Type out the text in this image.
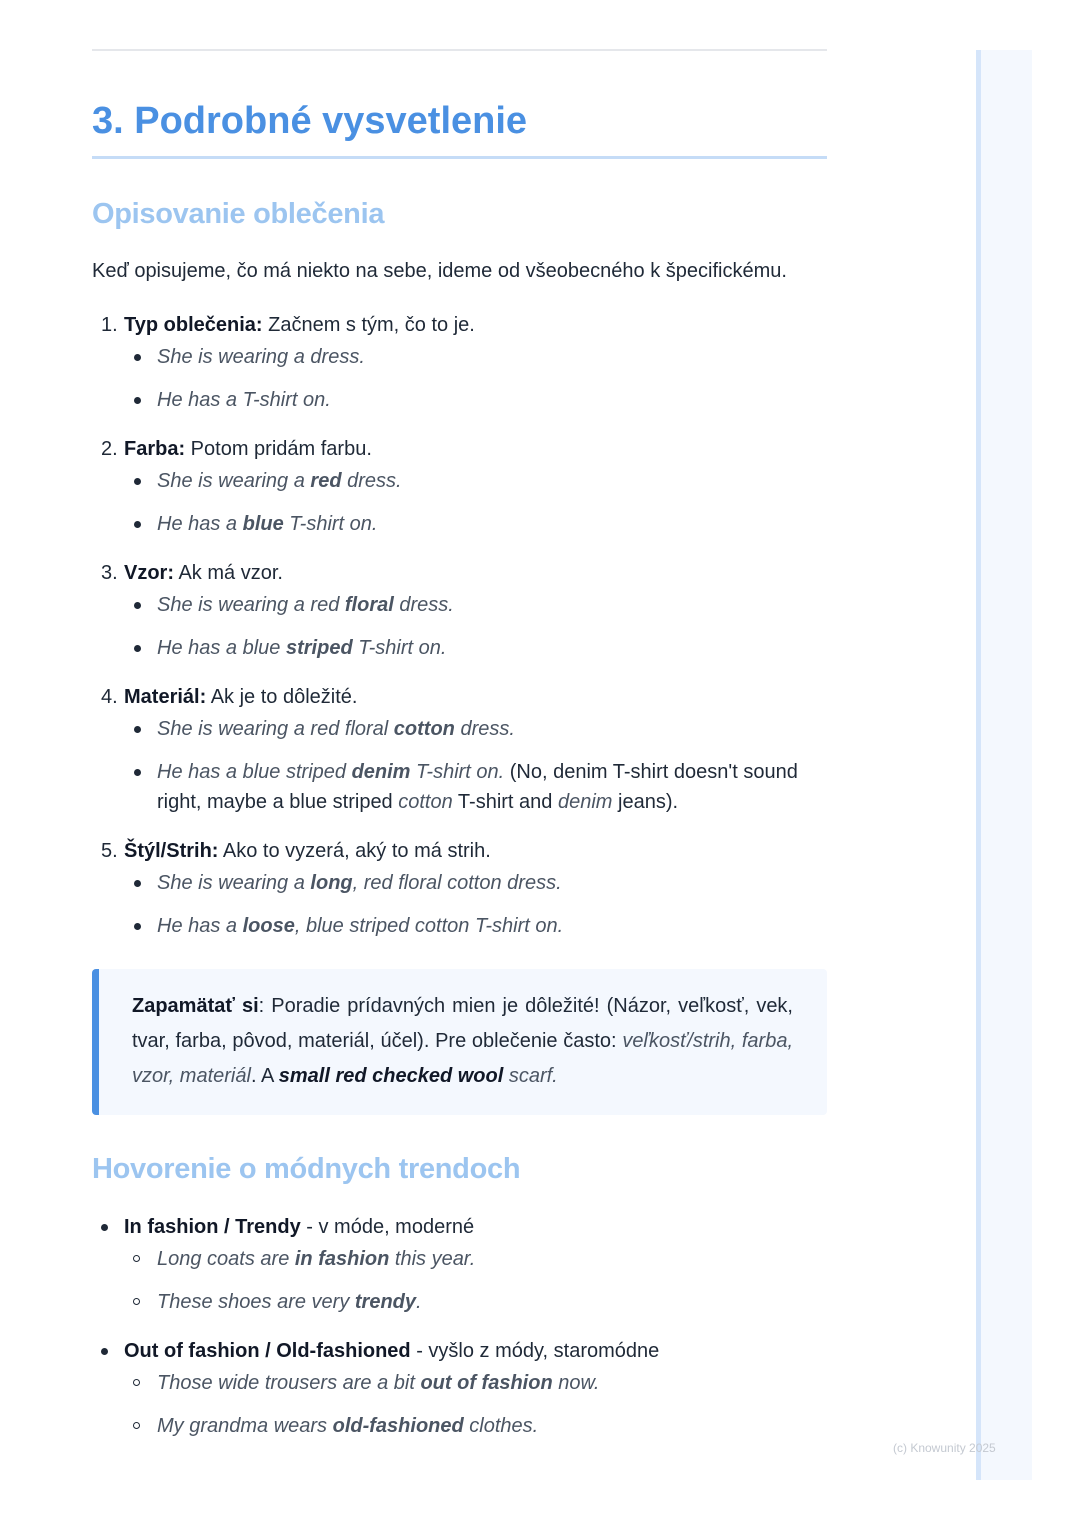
3. Podrobné vysvetlenie
Opisovanie oblečenia

Keď opisujeme, čo má niekto na sebe, ideme od všeobecného k špecifickému.

1. Typ oblečenia: Začnem s tým, čo to je.
She is wearing a dress.
He has a T-shirt on.
2. Farba: Potom pridám farbu.
She is wearing a red dress.
He has a blue T-shirt on.
3. Vzor: Ak má vzor.
She is wearing a red floral dress.
He has a blue striped T-shirt on.
4. Materiál: Ak je to dôležité.
She is wearing a red floral cotton dress.
He has a blue striped denim T-shirt on. (No, denim T-shirt doesn't sound right, maybe a blue striped cotton T-shirt and denim jeans).
5. Štýl/Strih: Ako to vyzerá, aký to má strih.
She is wearing a long, red floral cotton dress.
He has a loose, blue striped cotton T-shirt on.
Zapamätať si: Poradie prídavných mien je dôležité! (Názor, veľkosť, vek, tvar, farba, pôvod, materiál, účel). Pre oblečenie často: veľkosť/strih, farba, vzor, materiál. A small red checked wool scarf.
Hovorenie o módnych trendoch
In fashion / Trendy - v móde, moderné
Long coats are in fashion this year.
These shoes are very trendy.
Out of fashion / Old-fashioned - vyšlo z módy, staromódne
Those wide trousers are a bit out of fashion now.
My grandma wears old-fashioned clothes.
(c) Knowunity 2025
